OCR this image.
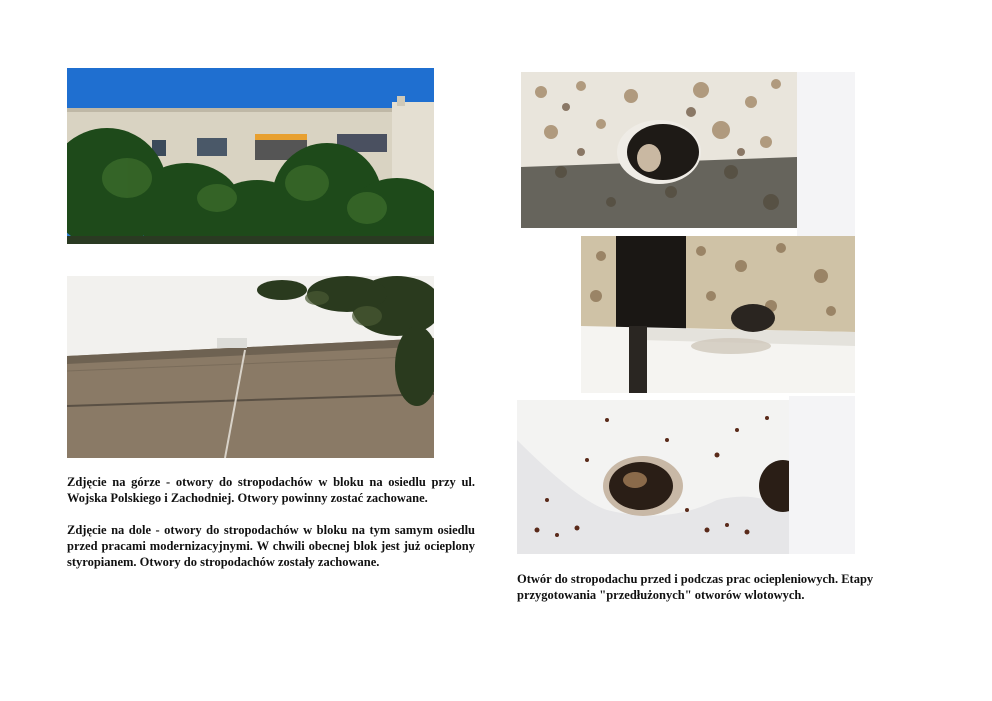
Zdjęcie na górze - otwory do stropodachów w bloku na osiedlu przy ul. Wojska Polskiego i Zachodniej. Otwory powinny zostać zachowane.

Zdjęcie na dole - otwory do stropodachów w bloku na tym samym osiedlu przed pracami modernizacyjnymi. W chwili obecnej blok jest już ocieplony styropianem. Otwory do stropodachów zostały zachowane.

Otwór do stropodachu przed i podczas prac ociepleniowych. Etapy przygotowania "przedłużonych" otworów wlotowych.
